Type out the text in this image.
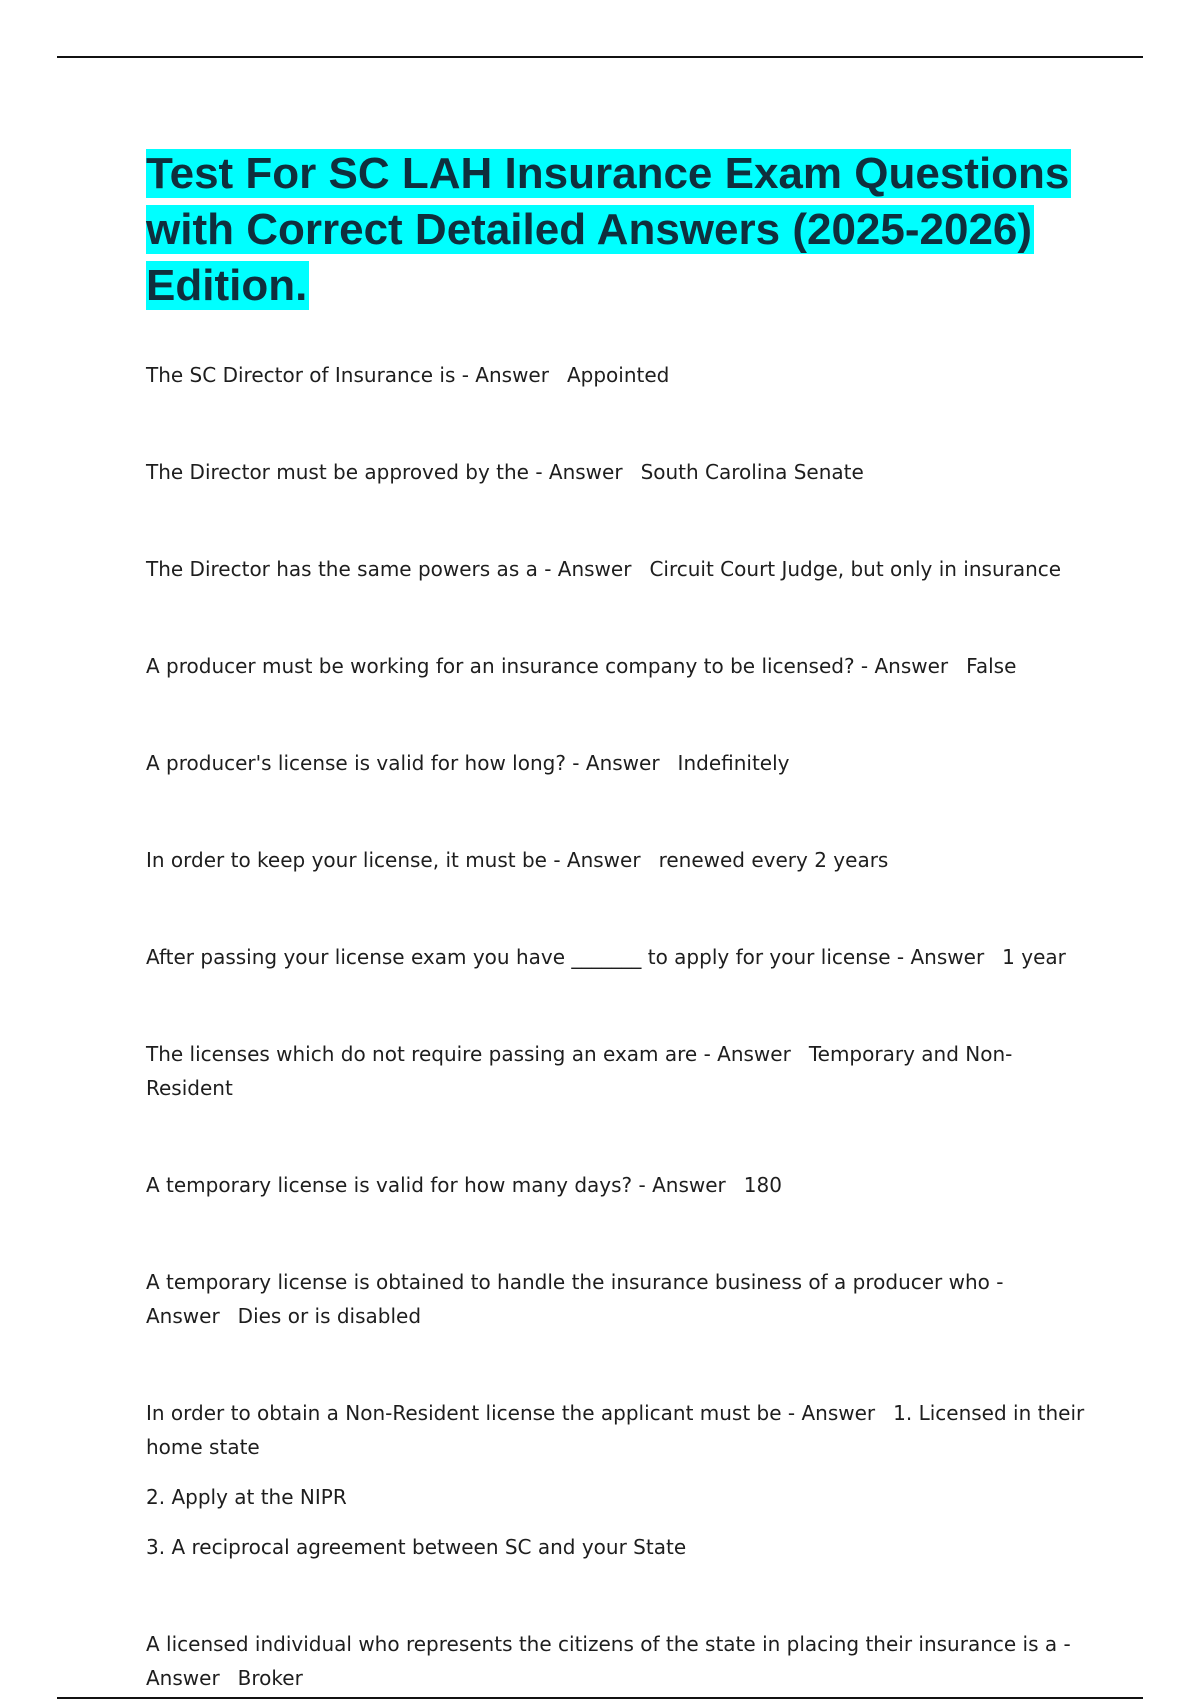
Test For SC LAH Insurance Exam Questions with Correct Detailed Answers (2025-2026) Edition.

The SC Director of Insurance is - Answer Appointed

The Director must be approved by the - Answer South Carolina Senate

The Director has the same powers as a - Answer Circuit Court Judge, but only in insurance

A producer must be working for an insurance company to be licensed? - Answer False

A producer's license is valid for how long? - Answer Indefinitely

In order to keep your license, it must be - Answer renewed every 2 years

After passing your license exam you have _______ to apply for your license - Answer 1 year

The licenses which do not require passing an exam are - Answer Temporary and Non-Resident

A temporary license is valid for how many days? - Answer 180

A temporary license is obtained to handle the insurance business of a producer who - Answer Dies or is disabled

In order to obtain a Non-Resident license the applicant must be - Answer 1. Licensed in their home state

2. Apply at the NIPR

3. A reciprocal agreement between SC and your State

A licensed individual who represents the citizens of the state in placing their insurance is a - Answer Broker
